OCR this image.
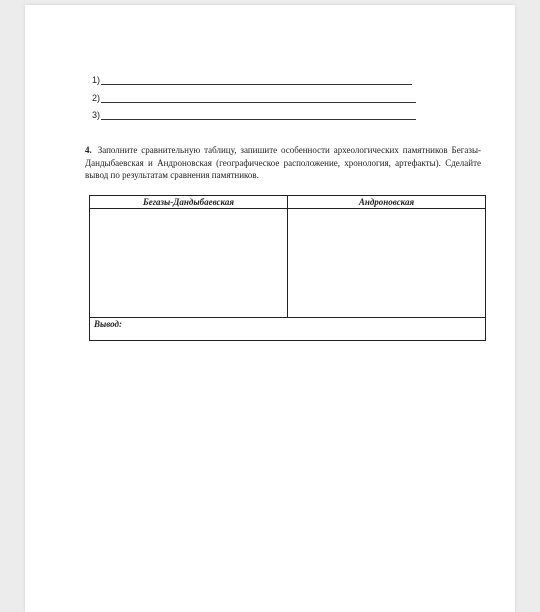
1)
2)
3)
4. Заполните сравнительную таблицу, запишите особенности археологических памятников Бегазы-Дандыбаевская и Андроновская (географическое расположение, хронология, артефакты). Сделайте вывод по результатам сравнения памятников.
Бегазы-Дандыбаевская	Андроновская
Вывод:
